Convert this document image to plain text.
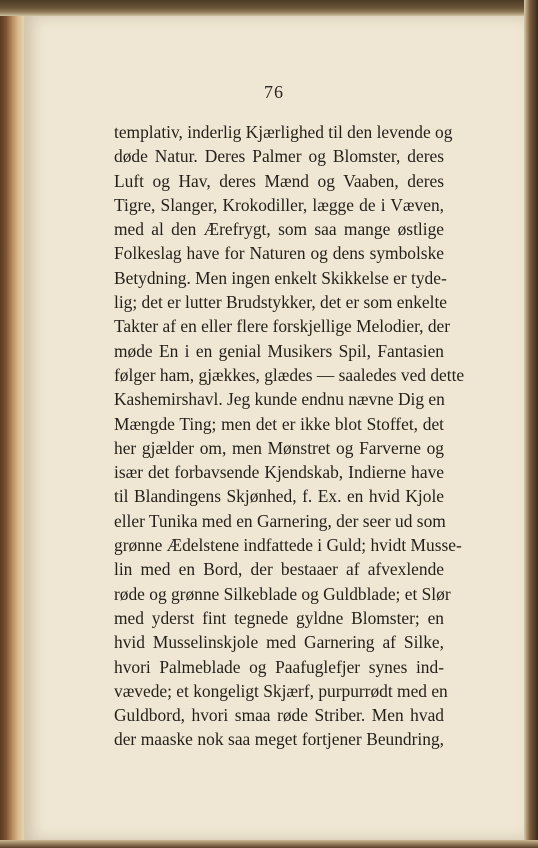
76
templativ, inderlig Kjærlighed til den levende og
døde Natur. Deres Palmer og Blomster, deres
Luft og Hav, deres Mænd og Vaaben, deres
Tigre, Slanger, Krokodiller, lægge de i Væven,
med al den Ærefrygt, som saa mange østlige
Folkeslag have for Naturen og dens symbolske
Betydning. Men ingen enkelt Skikkelse er tyde-
lig; det er lutter Brudstykker, det er som enkelte
Takter af en eller flere forskjellige Melodier, der
møde En i en genial Musikers Spil, Fantasien
følger ham, gjækkes, glædes — saaledes ved dette
Kashemirshavl. Jeg kunde endnu nævne Dig en
Mængde Ting; men det er ikke blot Stoffet, det
her gjælder om, men Mønstret og Farverne og
især det forbavsende Kjendskab, Indierne have
til Blandingens Skjønhed, f. Ex. en hvid Kjole
eller Tunika med en Garnering, der seer ud som
grønne Ædelstene indfattede i Guld; hvidt Musse-
lin med en Bord, der bestaaer af afvexlende
røde og grønne Silkeblade og Guldblade; et Slør
med yderst fint tegnede gyldne Blomster; en
hvid Musselinskjole med Garnering af Silke,
hvori Palmeblade og Paafuglefjer synes ind-
vævede; et kongeligt Skjærf, purpurrødt med en
Guldbord, hvori smaa røde Striber. Men hvad
der maaske nok saa meget fortjener Beundring,
